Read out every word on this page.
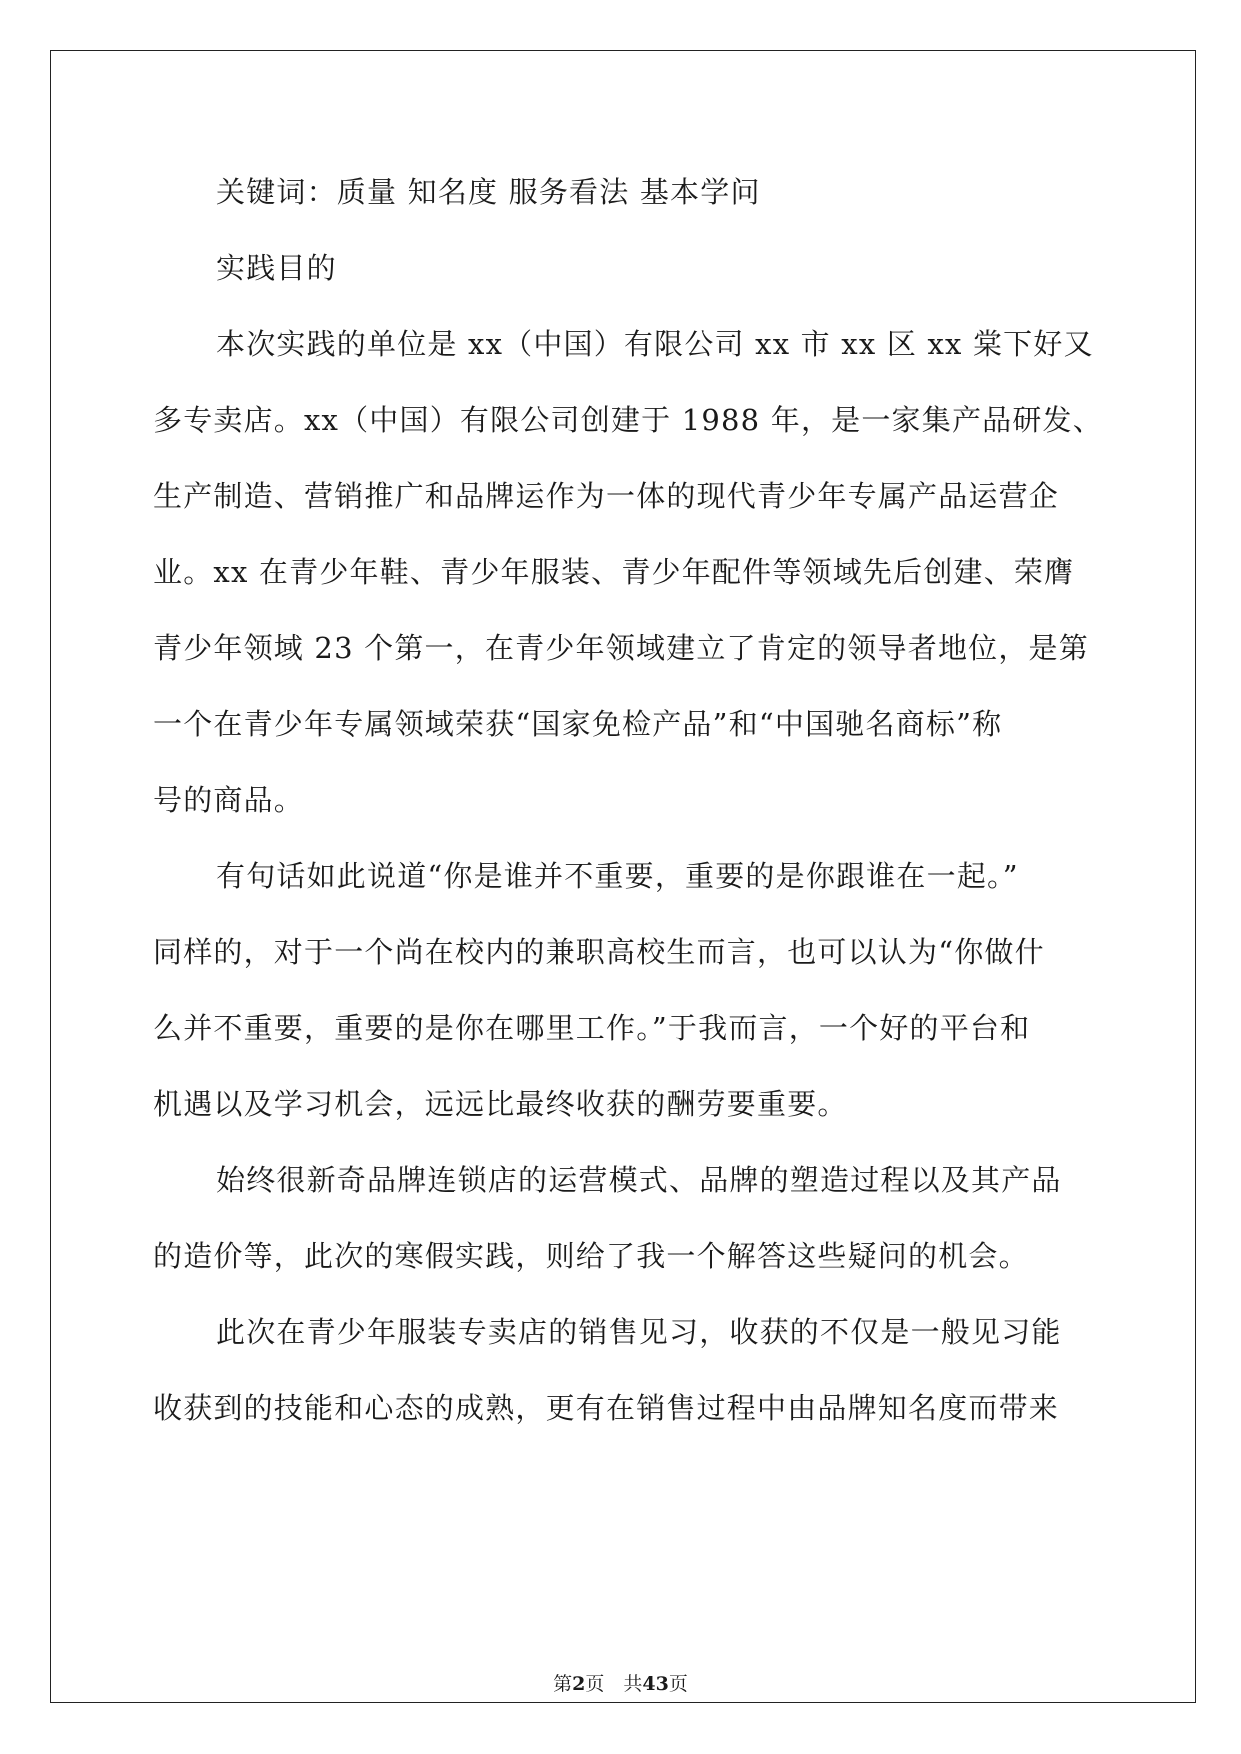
关键词：质量 知名度 服务看法 基本学问
实践目的
本次实践的单位是 xx（中国）有限公司 xx 市 xx 区 xx 棠下好又
多专卖店。xx（中国）有限公司创建于 1988 年，是一家集产品研发、
生产制造、营销推广和品牌运作为一体的现代青少年专属产品运营企
业。xx 在青少年鞋、青少年服装、青少年配件等领域先后创建、荣膺
青少年领域 23 个第一，在青少年领域建立了肯定的领导者地位，是第
一个在青少年专属领域荣获“国家免检产品”和“中国驰名商标”称
号的商品。
有句话如此说道“你是谁并不重要，重要的是你跟谁在一起。”
同样的，对于一个尚在校内的兼职高校生而言，也可以认为“你做什
么并不重要，重要的是你在哪里工作。”于我而言，一个好的平台和
机遇以及学习机会，远远比最终收获的酬劳要重要。
始终很新奇品牌连锁店的运营模式、品牌的塑造过程以及其产品
的造价等，此次的寒假实践，则给了我一个解答这些疑问的机会。
此次在青少年服装专卖店的销售见习，收获的不仅是一般见习能
收获到的技能和心态的成熟，更有在销售过程中由品牌知名度而带来
第2页　共43页
